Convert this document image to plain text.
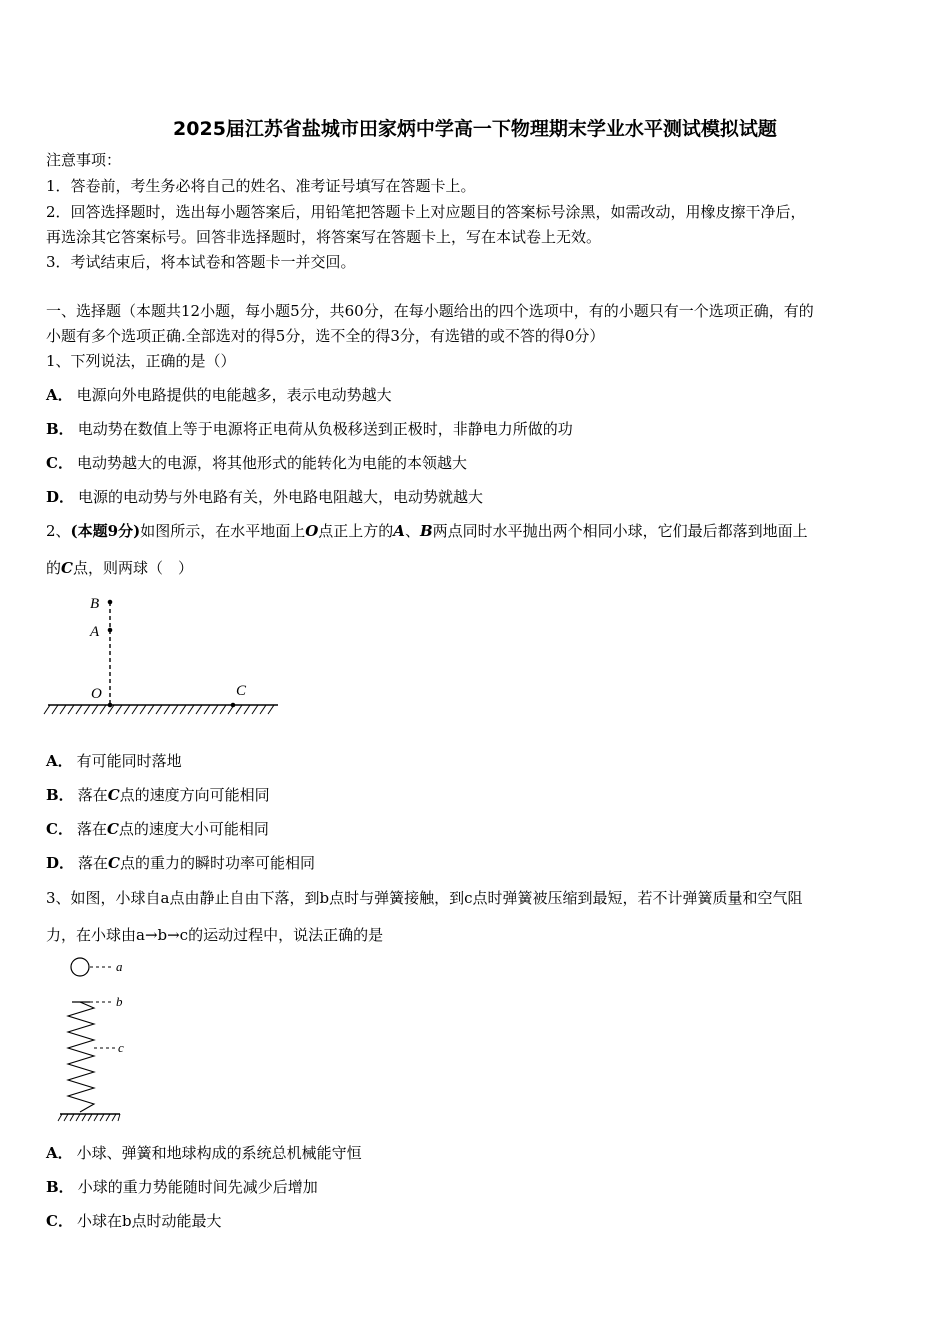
2025届江苏省盐城市田家炳中学高一下物理期末学业水平测试模拟试题
注意事项：
1．答卷前，考生务必将自己的姓名、准考证号填写在答题卡上。
2．回答选择题时，选出每小题答案后，用铅笔把答题卡上对应题目的答案标号涂黑，如需改动，用橡皮擦干净后，
再选涂其它答案标号。回答非选择题时，将答案写在答题卡上，写在本试卷上无效。
3．考试结束后，将本试卷和答题卡一并交回。
一、选择题（本题共12小题，每小题5分，共60分，在每小题给出的四个选项中，有的小题只有一个选项正确，有的
小题有多个选项正确.全部选对的得5分，选不全的得3分，有选错的或不答的得0分）
1、下列说法，正确的是（）
A． 电源向外电路提供的电能越多，表示电动势越大
B． 电动势在数值上等于电源将正电荷从负极移送到正极时，非静电力所做的功
C． 电动势越大的电源，将其他形式的能转化为电能的本领越大
D． 电源的电动势与外电路有关，外电路电阻越大，电动势就越大
2、(本题9分)如图所示，在水平地面上O点正上方的A、B两点同时水平抛出两个相同小球，它们最后都落到地面上
的C点，则两球（　）
B
A
O	C
A． 有可能同时落地
B． 落在C点的速度方向可能相同
C． 落在C点的速度大小可能相同
D． 落在C点的重力的瞬时功率可能相同
3、如图，小球自a点由静止自由下落，到b点时与弹簧接触，到c点时弹簧被压缩到最短，若不计弹簧质量和空气阻
力，在小球由a→b→c的运动过程中，说法正确的是
a
b
c
A． 小球、弹簧和地球构成的系统总机械能守恒
B． 小球的重力势能随时间先减少后增加
C． 小球在b点时动能最大
